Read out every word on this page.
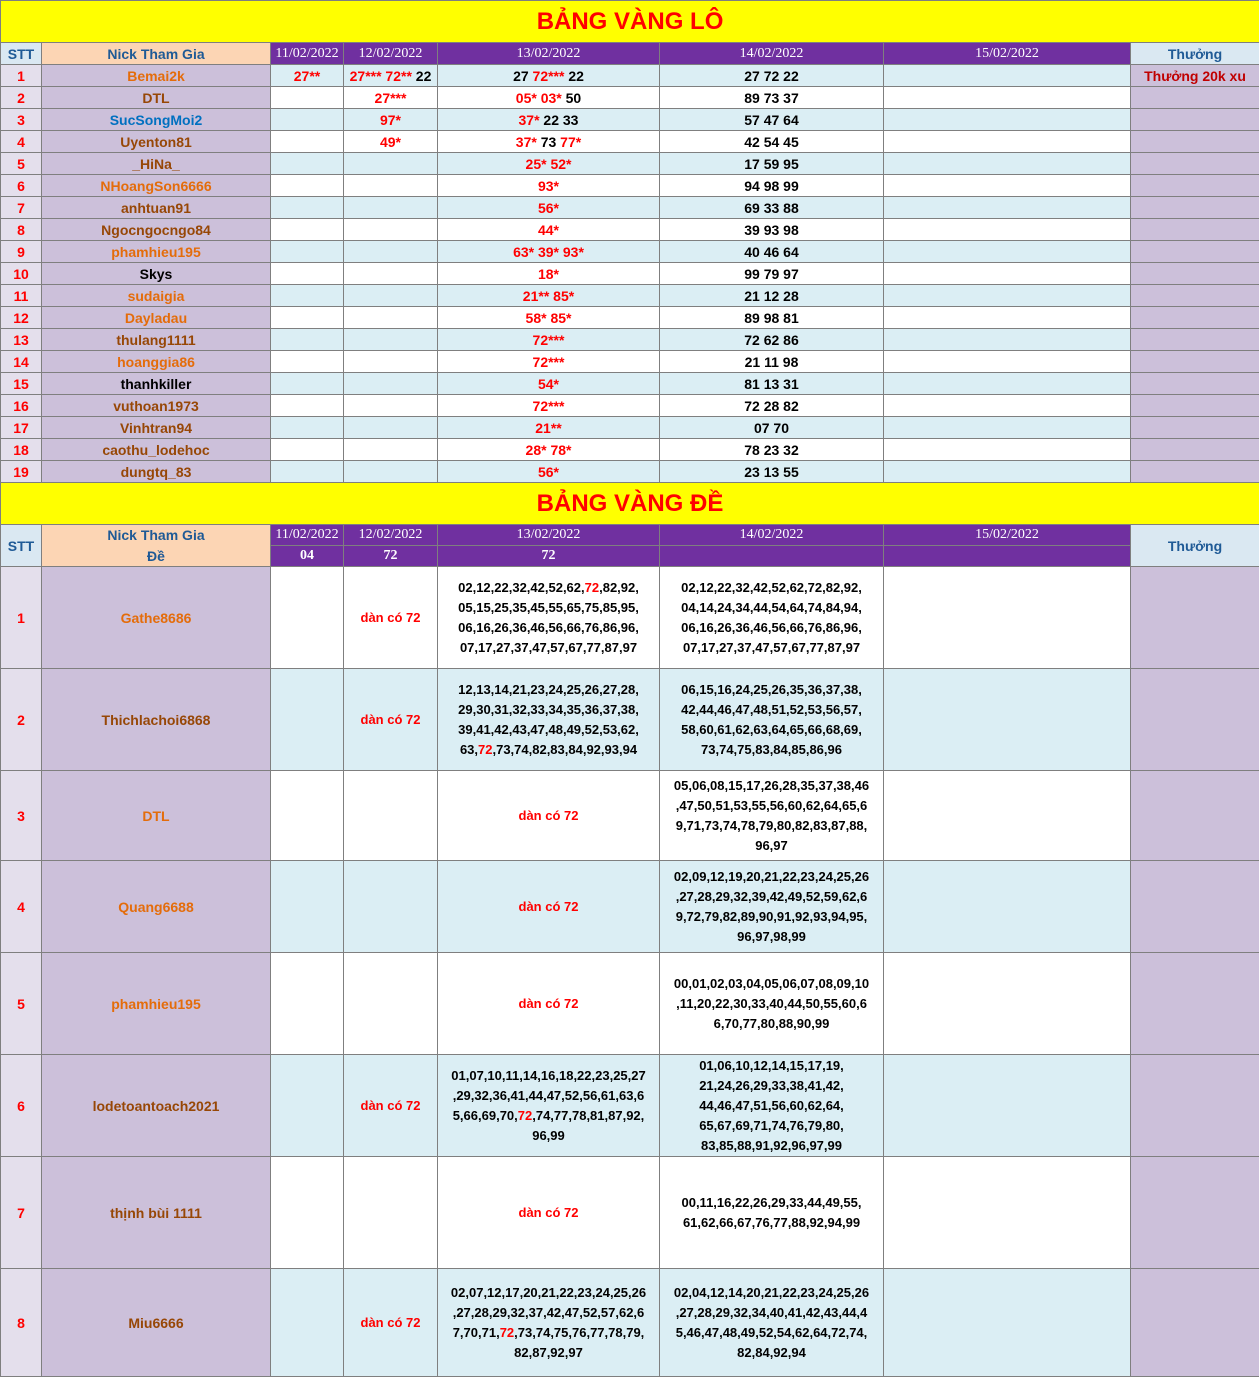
BẢNG VÀNG LÔ							
STT	Nick Tham Gia	11/02/2022	12/02/2022	13/02/2022	14/02/2022	15/02/2022	Thưởng
1	Bemai2k	27**	27*** 72** 22	27 72*** 22	27 72 22		Thưởng 20k xu
2	DTL		27***	05* 03* 50	89 73 37		
3	SucSongMoi2		97*	37* 22 33	57 47 64		
4	Uyenton81		49*	37* 73 77*	42 54 45		
5	_HiNa_			25* 52*	17 59 95		
6	NHoangSon6666			93*	94 98 99		
7	anhtuan91			56*	69 33 88		
8	Ngocngocngo84			44*	39 93 98		
9	phamhieu195			63* 39* 93*	40 46 64		
10	Skys			18*	99 79 97		
11	sudaigia			21** 85*	21 12 28		
12	Dayladau			58* 85*	89 98 81		
13	thulang1111			72***	72 62 86		
14	hoanggia86			72***	21 11 98		
15	thanhkiller			54*	81 13 31		
16	vuthoan1973			72***	72 28 82		
17	Vinhtran94			21**	07 70		
18	caothu_lodehoc			28* 78*	78 23 32		
19	dungtq_83			56*	23 13 55		
BẢNG VÀNG ĐỀ							
STT	Nick Tham Gia	11/02/2022	12/02/2022	13/02/2022	14/02/2022	15/02/2022	Thưởng
	Đề	04	72	72			
1	Gathe8686		dàn có 72	02,12,22,32,42,52,62,72,82,92,
05,15,25,35,45,55,65,75,85,95,
06,16,26,36,46,56,66,76,86,96,
07,17,27,37,47,57,67,77,87,97	02,12,22,32,42,52,62,72,82,92,
04,14,24,34,44,54,64,74,84,94,
06,16,26,36,46,56,66,76,86,96,
07,17,27,37,47,57,67,77,87,97		
2	Thichlachoi6868		dàn có 72	12,13,14,21,23,24,25,26,27,28,
29,30,31,32,33,34,35,36,37,38,
39,41,42,43,47,48,49,52,53,62,
63,72,73,74,82,83,84,92,93,94	06,15,16,24,25,26,35,36,37,38,
42,44,46,47,48,51,52,53,56,57,
58,60,61,62,63,64,65,66,68,69,
73,74,75,83,84,85,86,96		
3	DTL			dàn có 72	05,06,08,15,17,26,28,35,37,38,46
,47,50,51,53,55,56,60,62,64,65,6
9,71,73,74,78,79,80,82,83,87,88,
96,97		
4	Quang6688			dàn có 72	02,09,12,19,20,21,22,23,24,25,26
,27,28,29,32,39,42,49,52,59,62,6
9,72,79,82,89,90,91,92,93,94,95,
96,97,98,99		
5	phamhieu195			dàn có 72	00,01,02,03,04,05,06,07,08,09,10
,11,20,22,30,33,40,44,50,55,60,6
6,70,77,80,88,90,99		
6	lodetoantoach2021		dàn có 72	01,07,10,11,14,16,18,22,23,25,27
,29,32,36,41,44,47,52,56,61,63,6
5,66,69,70,72,74,77,78,81,87,92,
96,99	01,06,10,12,14,15,17,19,
21,24,26,29,33,38,41,42,
44,46,47,51,56,60,62,64,
65,67,69,71,74,76,79,80,
83,85,88,91,92,96,97,99		
7	thịnh bùi 1111			dàn có 72	00,11,16,22,26,29,33,44,49,55,
61,62,66,67,76,77,88,92,94,99		
8	Miu6666		dàn có 72	02,07,12,17,20,21,22,23,24,25,26
,27,28,29,32,37,42,47,52,57,62,6
7,70,71,72,73,74,75,76,77,78,79,
82,87,92,97	02,04,12,14,20,21,22,23,24,25,26
,27,28,29,32,34,40,41,42,43,44,4
5,46,47,48,49,52,54,62,64,72,74,
82,84,92,94		
